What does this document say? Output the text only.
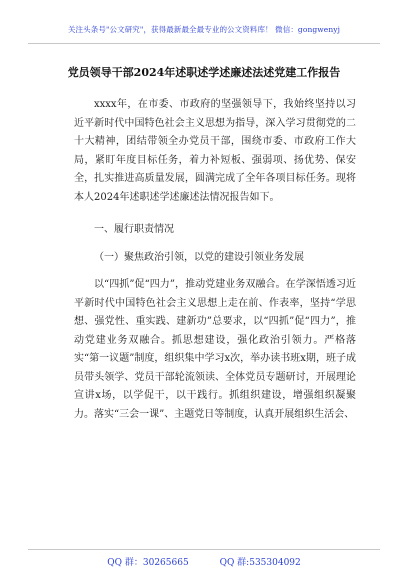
关注头条号"公文研究"，获得最新最全最专业的公文资料库！ 微信：gongwenyj
党员领导干部2024年述职述学述廉述法述党建工作报告

xxxx年，在市委、市政府的坚强领导下，我始终坚持以习近平新时代中国特色社会主义思想为指导，深入学习贯彻党的二十大精神，团结带领全办党员干部，围绕市委、市政府工作大局，紧盯年度目标任务，着力补短板、强弱项、扬优势、保安全，扎实推进高质量发展，圆满完成了全年各项目标任务。现将本人2024年述职述学述廉述法情况报告如下。

一、履行职责情况

（一）聚焦政治引领，以党的建设引领业务发展

以“四抓”促“四力”，推动党建业务双融合。在学深悟透习近平新时代中国特色社会主义思想上走在前、作表率，坚持“学思想、强党性、重实践、建新功”总要求，以“四抓”促“四力”，推动党建业务双融合。抓思想建设，强化政治引领力。严格落实“第一议题”制度，组织集中学习x次，举办读书班x期，班子成员带头领学、党员干部轮流领读、全体党员专题研讨，开展理论宣讲x场，以学促干，以干践行。抓组织建设，增强组织凝聚力。落实“三会一课”、主题党日等制度，认真开展组织生活会、

QQ 群：30265665	QQ 群:535304092
